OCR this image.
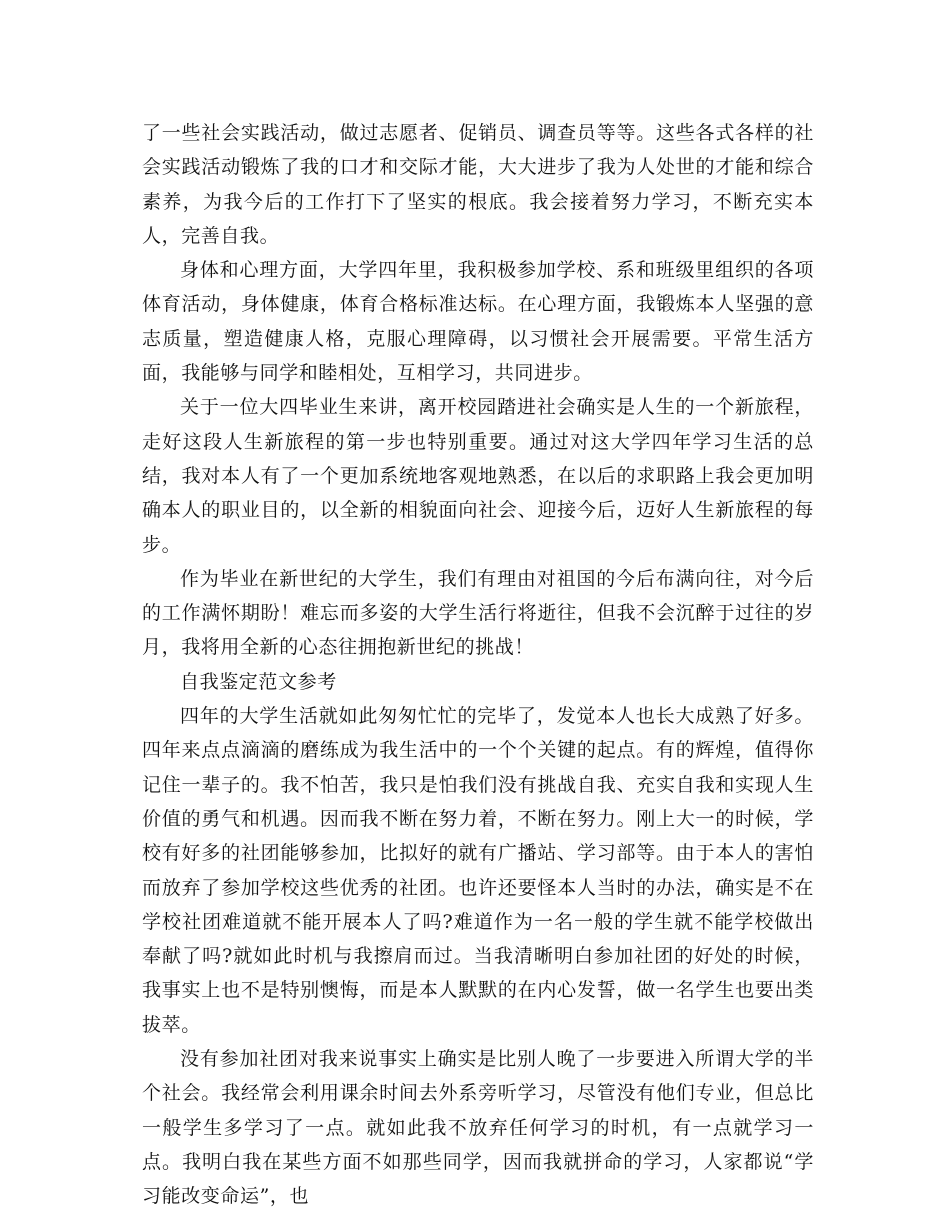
了一些社会实践活动，做过志愿者、促销员、调查员等等。这些各式各样的社会实践活动锻炼了我的口才和交际才能，大大进步了我为人处世的才能和综合素养，为我今后的工作打下了坚实的根底。我会接着努力学习，不断充实本人，完善自我。

身体和心理方面，大学四年里，我积极参加学校、系和班级里组织的各项体育活动，身体健康，体育合格标准达标。在心理方面，我锻炼本人坚强的意志质量，塑造健康人格，克服心理障碍，以习惯社会开展需要。平常生活方面，我能够与同学和睦相处，互相学习，共同进步。

关于一位大四毕业生来讲，离开校园踏进社会确实是人生的一个新旅程，走好这段人生新旅程的第一步也特别重要。通过对这大学四年学习生活的总结，我对本人有了一个更加系统地客观地熟悉，在以后的求职路上我会更加明确本人的职业目的，以全新的相貌面向社会、迎接今后，迈好人生新旅程的每步。

作为毕业在新世纪的大学生，我们有理由对祖国的今后布满向往，对今后的工作满怀期盼！难忘而多姿的大学生活行将逝往，但我不会沉醉于过往的岁月，我将用全新的心态往拥抱新世纪的挑战！

自我鉴定范文参考

四年的大学生活就如此匆匆忙忙的完毕了，发觉本人也长大成熟了好多。四年来点点滴滴的磨练成为我生活中的一个个关键的起点。有的辉煌，值得你记住一辈子的。我不怕苦，我只是怕我们没有挑战自我、充实自我和实现人生价值的勇气和机遇。因而我不断在努力着，不断在努力。刚上大一的时候，学校有好多的社团能够参加，比拟好的就有广播站、学习部等。由于本人的害怕而放弃了参加学校这些优秀的社团。也许还要怪本人当时的办法，确实是不在学校社团难道就不能开展本人了吗?难道作为一名一般的学生就不能学校做出奉献了吗?就如此时机与我擦肩而过。当我清晰明白参加社团的好处的时候，我事实上也不是特别懊悔，而是本人默默的在内心发誓，做一名学生也要出类拔萃。

没有参加社团对我来说事实上确实是比别人晚了一步要进入所谓大学的半个社会。我经常会利用课余时间去外系旁听学习，尽管没有他们专业，但总比一般学生多学习了一点。就如此我不放弃任何学习的时机，有一点就学习一点。我明白我在某些方面不如那些同学，因而我就拼命的学习，人家都说“学习能改变命运”，也
